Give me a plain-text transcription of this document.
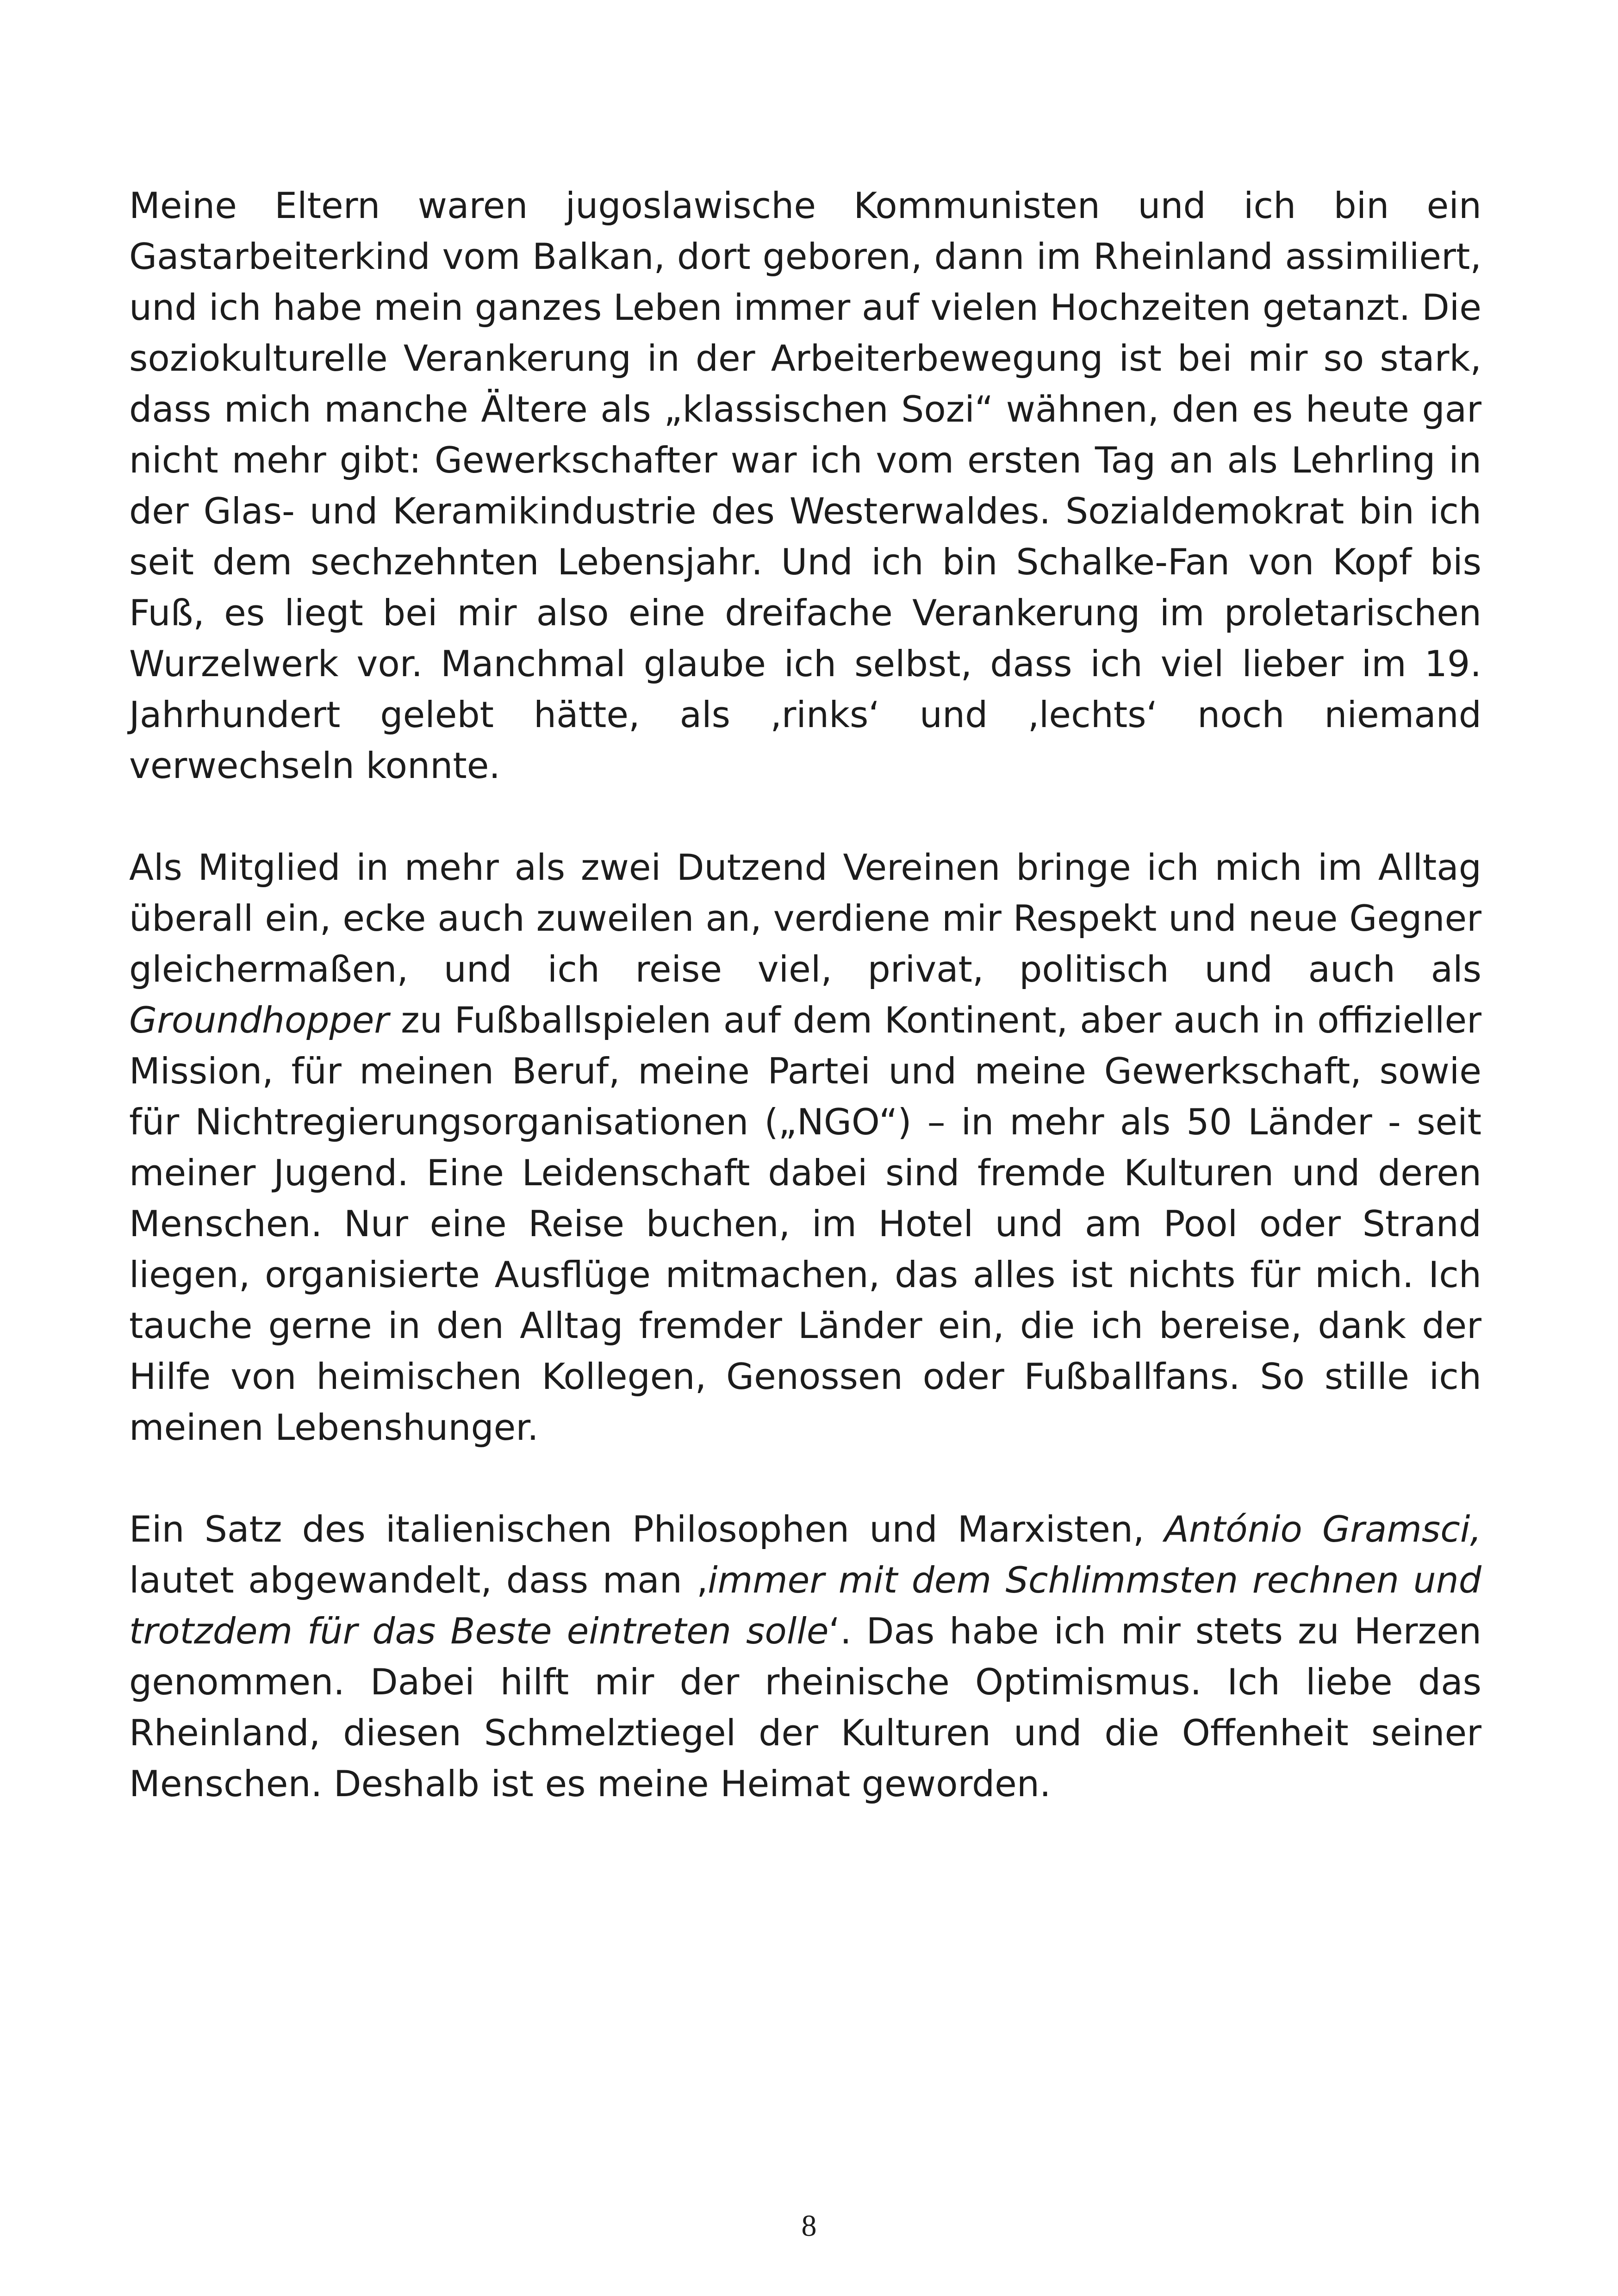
Meine Eltern waren jugoslawische Kommunisten und ich bin ein Gastarbeiterkind vom Balkan, dort geboren, dann im Rheinland assimiliert, und ich habe mein ganzes Leben immer auf vielen Hochzeiten getanzt. Die soziokulturelle Verankerung in der Arbeiterbewegung ist bei mir so stark, dass mich manche Ältere als „klassischen Sozi“ wähnen, den es heute gar nicht mehr gibt: Gewerkschafter war ich vom ersten Tag an als Lehrling in der Glas- und Keramikindustrie des Westerwaldes. Sozialdemokrat bin ich seit dem sechzehnten Lebensjahr. Und ich bin Schalke-Fan von Kopf bis Fuß, es liegt bei mir also eine dreifache Verankerung im proletarischen Wurzelwerk vor. Manchmal glaube ich selbst, dass ich viel lieber im 19. Jahrhundert gelebt hätte, als ‚rinks‘ und ‚lechts‘ noch niemand verwechseln konnte.

Als Mitglied in mehr als zwei Dutzend Vereinen bringe ich mich im Alltag überall ein, ecke auch zuweilen an, verdiene mir Respekt und neue Gegner gleichermaßen, und ich reise viel, privat, politisch und auch als Groundhopper zu Fußballspielen auf dem Kontinent, aber auch in offizieller Mission, für meinen Beruf, meine Partei und meine Gewerkschaft, sowie für Nichtregierungsorganisationen („NGO“) – in mehr als 50 Länder - seit meiner Jugend. Eine Leidenschaft dabei sind fremde Kulturen und deren Menschen. Nur eine Reise buchen, im Hotel und am Pool oder Strand liegen, organisierte Ausflüge mitmachen, das alles ist nichts für mich. Ich tauche gerne in den Alltag fremder Länder ein, die ich bereise, dank der Hilfe von heimischen Kollegen, Genossen oder Fußballfans. So stille ich meinen Lebenshunger.

Ein Satz des italienischen Philosophen und Marxisten, António Gramsci, lautet abgewandelt, dass man ‚immer mit dem Schlimmsten rechnen und trotzdem für das Beste eintreten solle‘. Das habe ich mir stets zu Herzen genommen. Dabei hilft mir der rheinische Optimismus. Ich liebe das Rheinland, diesen Schmelztiegel der Kulturen und die Offenheit seiner Menschen. Deshalb ist es meine Heimat geworden.

8
